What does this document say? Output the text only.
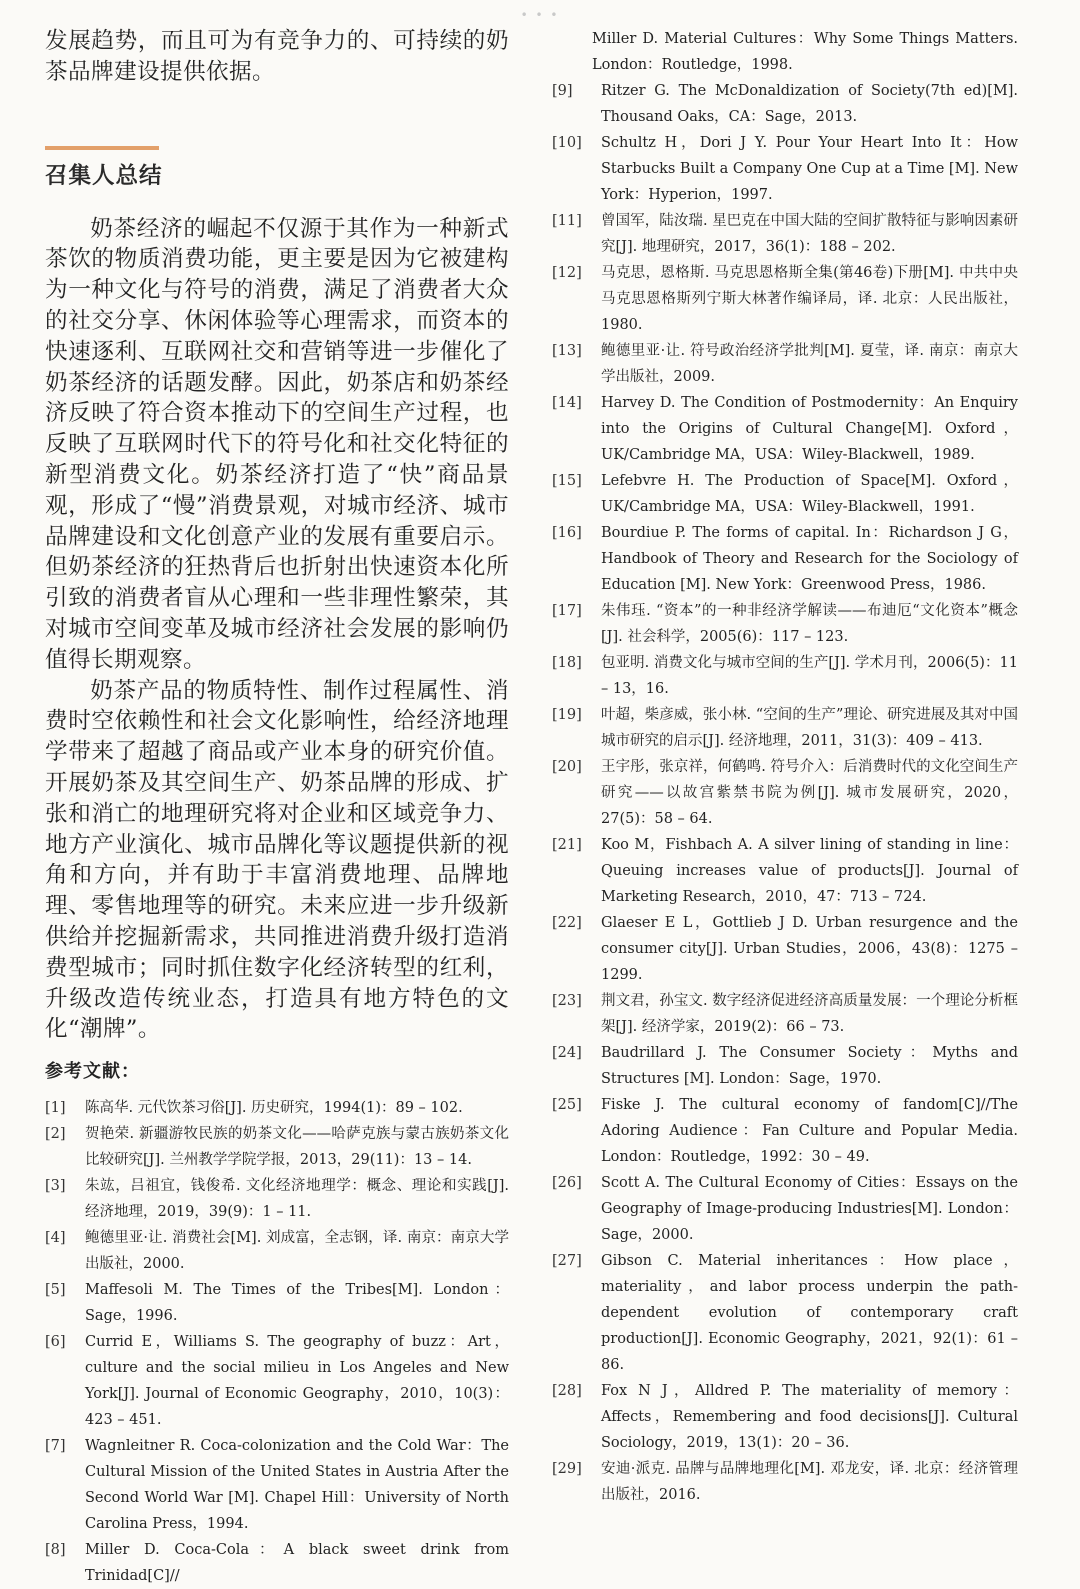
• • •

发展趋势，而且可为有竞争力的、可持续的奶茶品牌建设提供依据。

召集人总结

奶茶经济的崛起不仅源于其作为一种新式茶饮的物质消费功能，更主要是因为它被建构为一种文化与符号的消费，满足了消费者大众的社交分享、休闲体验等心理需求，而资本的快速逐利、互联网社交和营销等进一步催化了奶茶经济的话题发酵。因此，奶茶店和奶茶经济反映了符合资本推动下的空间生产过程，也反映了互联网时代下的符号化和社交化特征的新型消费文化。奶茶经济打造了“快”商品景观，形成了“慢”消费景观，对城市经济、城市品牌建设和文化创意产业的发展有重要启示。但奶茶经济的狂热背后也折射出快速资本化所引致的消费者盲从心理和一些非理性繁荣，其对城市空间变革及城市经济社会发展的影响仍值得长期观察。

奶茶产品的物质特性、制作过程属性、消费时空依赖性和社会文化影响性，给经济地理学带来了超越了商品或产业本身的研究价值。开展奶茶及其空间生产、奶茶品牌的形成、扩张和消亡的地理研究将对企业和区域竞争力、地方产业演化、城市品牌化等议题提供新的视角和方向，并有助于丰富消费地理、品牌地理、零售地理等的研究。未来应进一步升级新供给并挖掘新需求，共同推进消费升级打造消费型城市；同时抓住数字化经济转型的红利，升级改造传统业态，打造具有地方特色的文化“潮牌”。

参考文献：
[1]	陈高华. 元代饮茶习俗[J]. 历史研究，1994(1)：89 – 102.
[2]	贺艳荣. 新疆游牧民族的奶茶文化——哈萨克族与蒙古族奶茶文化比较研究[J]. 兰州教学学院学报，2013，29(11)：13 – 14.
[3]	朱竑，吕祖宜，钱俊希. 文化经济地理学：概念、理论和实践[J]. 经济地理，2019，39(9)：1 – 11.
[4]	鲍德里亚·让. 消费社会[M]. 刘成富，全志钢，译. 南京：南京大学出版社，2000.
[5]	Maffesoli M. The Times of the Tribes[M]. London：Sage，1996.
[6]	Currid E，Williams S. The geography of buzz：Art，culture and the social milieu in Los Angeles and New York[J]. Journal of Economic Geography，2010，10(3)：423 – 451.
[7]	Wagnleitner R. Coca-colonization and the Cold War：The Cultural Mission of the United States in Austria After the Second World War [M]. Chapel Hill：University of North Carolina Press，1994.
[8]	Miller D. Coca-Cola：A black sweet drink from Trinidad[C]//
Miller D. Material Cultures：Why Some Things Matters. London：Routledge，1998.
[9]	Ritzer G. The McDonaldization of Society(7th ed)[M]. Thousand Oaks，CA：Sage，2013.
[10]	Schultz H，Dori J Y. Pour Your Heart Into It：How Starbucks Built a Company One Cup at a Time [M]. New York：Hyperion，1997.
[11]	曾国军，陆汝瑞. 星巴克在中国大陆的空间扩散特征与影响因素研究[J]. 地理研究，2017，36(1)：188 – 202.
[12]	马克思，恩格斯. 马克思恩格斯全集(第46卷)下册[M]. 中共中央马克思恩格斯列宁斯大林著作编译局，译. 北京：人民出版社，1980.
[13]	鲍德里亚·让. 符号政治经济学批判[M]. 夏莹，译. 南京：南京大学出版社，2009.
[14]	Harvey D. The Condition of Postmodernity：An Enquiry into the Origins of Cultural Change[M]. Oxford，UK/Cambridge MA，USA：Wiley-Blackwell，1989.
[15]	Lefebvre H. The Production of Space[M]. Oxford，UK/Cambridge MA，USA：Wiley-Blackwell，1991.
[16]	Bourdiue P. The forms of capital. In：Richardson J G，Handbook of Theory and Research for the Sociology of Education [M]. New York：Greenwood Press，1986.
[17]	朱伟珏. “资本”的一种非经济学解读——布迪厄“文化资本”概念[J]. 社会科学，2005(6)：117 – 123.
[18]	包亚明. 消费文化与城市空间的生产[J]. 学术月刊，2006(5)：11 – 13，16.
[19]	叶超，柴彦威，张小林. “空间的生产”理论、研究进展及其对中国城市研究的启示[J]. 经济地理，2011，31(3)：409 – 413.
[20]	王宇彤，张京祥，何鹤鸣. 符号介入：后消费时代的文化空间生产研究——以故宫紫禁书院为例[J]. 城市发展研究，2020，27(5)：58 – 64.
[21]	Koo M，Fishbach A. A silver lining of standing in line：Queuing increases value of products[J]. Journal of Marketing Research，2010，47：713 – 724.
[22]	Glaeser E L，Gottlieb J D. Urban resurgence and the consumer city[J]. Urban Studies，2006，43(8)：1275 – 1299.
[23]	荆文君，孙宝文. 数字经济促进经济高质量发展：一个理论分析框架[J]. 经济学家，2019(2)：66 – 73.
[24]	Baudrillard J. The Consumer Society：Myths and Structures [M]. London：Sage，1970.
[25]	Fiske J. The cultural economy of fandom[C]//The Adoring Audience：Fan Culture and Popular Media. London：Routledge，1992：30 – 49.
[26]	Scott A. The Cultural Economy of Cities：Essays on the Geography of Image-producing Industries[M]. London：Sage，2000.
[27]	Gibson C. Material inheritances：How place，materiality，and labor process underpin the path-dependent evolution of contemporary craft production[J]. Economic Geography，2021，92(1)：61 – 86.
[28]	Fox N J，Alldred P. The materiality of memory：Affects，Remembering and food decisions[J]. Cultural Sociology，2019，13(1)：20 – 36.
[29]	安迪·派克. 品牌与品牌地理化[M]. 邓龙安，译. 北京：经济管理出版社，2016.
